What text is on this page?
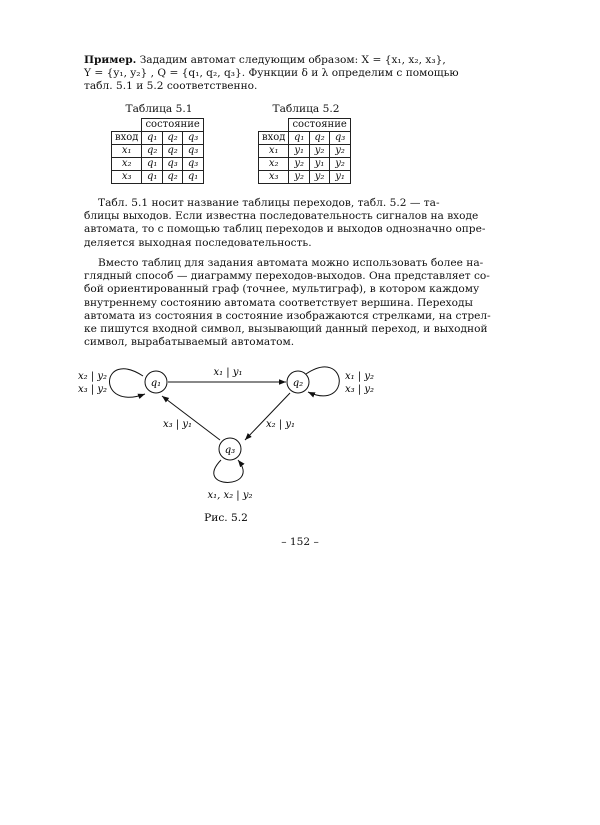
Пример. Зададим автомат следующим образом: X = {x₁, x₂, x₃},
Y = {y₁, y₂} , Q = {q₁, q₂, q₃}. Функции δ и λ определим с помощью
табл. 5.1 и 5.2 соответственно.

Таблица 5.1
	состояние		
вход	q₁	q₂	q₃
x₁	q₂	q₂	q₃
x₂	q₁	q₃	q₃
x₃	q₁	q₂	q₁
Таблица 5.2
	состояние		
вход	q₁	q₂	q₃
x₁	y₁	y₂	y₂
x₂	y₂	y₁	y₂
x₃	y₂	y₂	y₁

Табл. 5.1 носит название таблицы переходов, табл. 5.2 — та-
блицы выходов. Если известна последовательность сигналов на входе
автомата, то с помощью таблиц переходов и выходов однозначно опре-
деляется выходная последовательность.

Вместо таблиц для задания автомата можно использовать более на-
глядный способ — диаграмму переходов-выходов. Она представляет со-
бой ориентированный граф (точнее, мультиграф), в котором каждому
внутреннему состоянию автомата соответствует вершина. Переходы
автомата из состояния в состояние изображаются стрелками, на стрел-
ке пишутся входной символ, вызывающий данный переход, и выходной
символ, вырабатываемый автоматом.

q₁	q₂
q₃
x₂ | y₂
x₃ | y₂
x₁ | y₂
x₃ | y₂
x₁ | y₁
x₃ | y₁	x₂ | y₁
x₁, x₂ | y₂
Рис. 5.2
– 152 –
